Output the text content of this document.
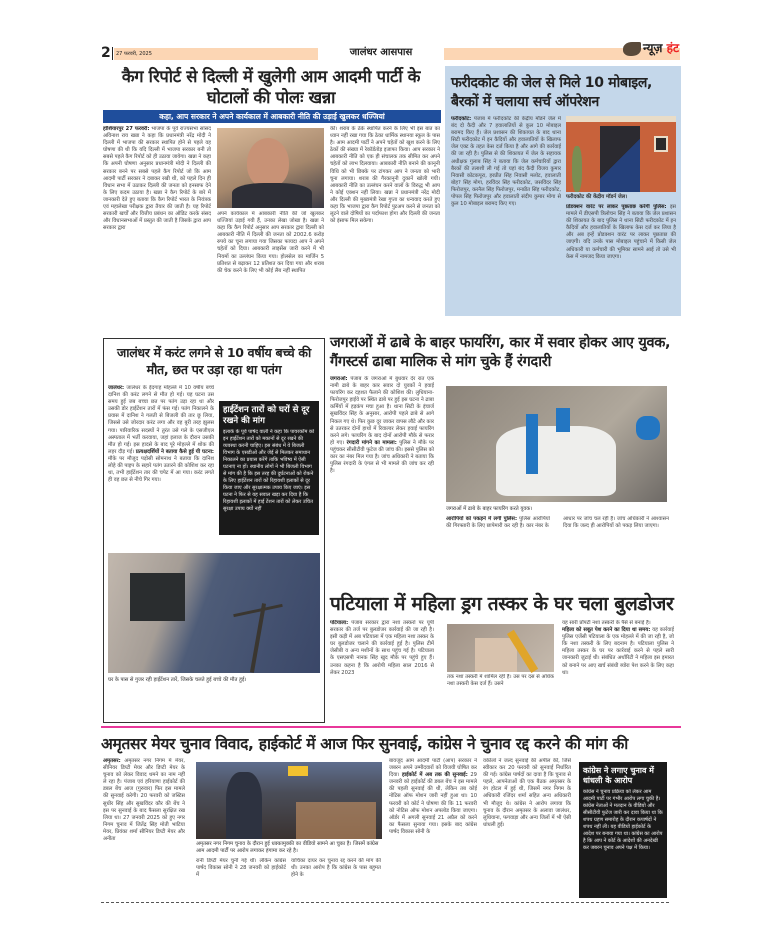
2	27 फरवरी, 2025	जालंधर आसपास	न्यूज़ हंट
कैग रिपोर्ट से दिल्ली में खुलेगी आम आदमी पार्टी के घोटालों की पोलः खन्ना
कहा, आप सरकार ने अपने कार्यकाल में आबकारी नीति की उड़ाई खुलकर धज्जियां
होशियारपुर 27 फरवरी: भाजपा के पूर्व राज्यसभा सांसद अविनाश राय खन्ना ने कहा कि प्रधानमंत्री नरेंद्र मोदी ने दिल्ली में भाजपा की सरकार स्थापित होने से पहले वह घोषणा की थी कि यदि दिल्ली में भाजपा सरकार बनी तो सबसे पहले कैग रिपोर्ट को ही उठाया जायेगा। खन्ना ने कहा कि अपनी घोषणा अनुसार प्रधानमंत्री मोदी ने दिल्ली की सरकार बनने पर सबसे पहले कैग रिपोर्ट जो कि आम आदमी पार्टी सरकार ने दबाकर रखी थी, को पहले दिन ही विधान सभा में उठाकर दिल्ली की जनता को इनसाफ देने के लिए कदम उठाया है। खन्ना ने कैग रिपोर्ट के बारे में जानकारी देते हुए बताया कि कैग रिपोर्ट भारत के नियंत्रक एवं महालेखा परीक्षक द्वारा तैयार की जाती है। यह रिपोर्ट सरकारी खर्चों और वित्तीय प्रबंधन का ऑडिट करके संसद और विधानसभाओं में प्रस्तुत की जाती है जिसके द्वारा आप सरकार द्वारा
अपने कार्यकाल में आबकारी नीति की जो खुलकर धज्जियां उड़ाई गयी हैं, उनका लेखा जोखा है। खन्ना ने कहा कि कैग रिपोर्ट अनुसार आप सरकार द्वारा दिल्ली को आबकारी नीति में दिल्ली की जनता को 2002.6 करोड़ रुपये का चूना लगाया गया जिसका फायदा आप ने अपने चहेतों को दिया। आबकारी लाइसेंस जारी करने में भी नियमों का उल्लंघन किया गया। होलसेल का मार्जिन 5 प्रतिशत से बढ़ाकर 12 प्रतिशत कर दिया गया और शराब की चेक करने के लिए भी कोई लैब नहीं स्थापित
की। शराब के ठेके स्थापित करने के लिए भी इस बात का ध्यान नहीं रखा गया कि ठेका धार्मिक स्थानया स्कूल के पास है। आम आदमी पार्टी ने अपने चहेतों को खुश करने के लिए ठेकों की संख्या में रेकॉर्डतोड़ इजाफा किया। आप सरकार ने आबकारी नीति को एक ही संचालक तक सीमित कर अपने चहेतों को लाभ दिलवाया। आबकारी नीति बनाने की कानूनी विधि को भी छिक्के पर टांगकर आप ने जनता को भारी चूना लगाया। शराब की गैरकानूनी दुकानें खोली गयी। आबकारी नीति का उल्लंघन करने वालों के विरुद्ध भी आप ने कोई एक्शन नहीं लिया। खन्ना ने प्रधानमंत्री नरेंद्र मोदी और दिल्ली की मुख्यमंत्री रेखा गुप्ता का धन्यवाद करते हुए कहा कि भाजपा द्वारा कैग रिपोर्ट पुटअप करने से जनता को लूटने वाले दोषियों का पर्दाफाश होगा और दिल्ली की जनता को इंसाफ मिल सकेगा।
फरीदकोट की जेल से मिले 10 मोबाइल, बैरकों में चलाया सर्च ऑपरेशन
फरीदकोट: पंजाब में फरीदकोट की केंद्रीय मॉडर्न जेल में बंद दो कैदी और 7 हवालातियों से कुल 10 मोबाइल बरामद किए हैं। जेल प्रशासन की शिकायत के बाद थाना सिटी फरीदकोट में इन कैदियों और हवालातियों के खिलाफ जेल एक्ट के तहत केस दर्ज किया है और आगे की कार्रवाई की जा रही है। पुलिस से की शिकायत में जेल के सहायक अधीक्षक गुलाब सिंह ने बताया कि जेल कर्मचारियों द्वारा बैरकों की तलाशी ली गई तो यहां बंद कैदी विजय कुमार निवासी कोटकपूरा, हरप्रीत सिंह निवासी मलोट, हवालाती बोह? सिंह मोगा, हरविंदर सिंह फरीदकोट, जसविंदर सिंह फिरोजपुर, करनैल सिंह फिरोजपुर, मनप्रीत सिंह फरीदकोट, पोपल सिंह फिरोजपुर और हवालाती संदीप कुमार मोगा से कुल 10 मोबाइल बरामद किए गए।
फरीदकोट की केंद्रीय मॉडर्न जेल।
प्रोडक्शन वारंट पर लाकर पूछताछ करेगी पुलिस: इस मामले में डीएसपी त्रिलोचन सिंह ने बताया कि जेल प्रशासन की शिकायत के बाद पुलिस ने थाना सिटी फरीदकोट में इन कैदियों और हवालातियों के खिलाफ केस दर्ज कर लिया है और अब इन्हें प्रोडक्शन वारंट पर लाकर पूछताछ की जाएगी। यदि उनके पास मोबाइल पहुंचाने में किसी जेल अधिकारी या कर्मचारी की भूमिका सामने आई तो उसे भी केस में नामजद किया जाएगा।
जालंधर में करंट लगने से 10 वर्षीय बच्चे की मौत, छत पर उड़ा रहा था पतंग
जालंधर: जालंधर के ईदगाह मोहल्ले में 10 वर्षीय बच्चे दानिश की करंट लगने से मौत हो गई। यह घटना उस समय हुई जब बच्चा छत पर पतंग उड़ा रहा था और उसकी डोर हाईटेंशन तारों में फंस गई। पतंग निकालने के प्रयास में दानिश ने गलती से बिजली की तार छू लिया, जिससे उसे जोरदार करंट लगा और वह बुरी तरह झुलस गया। पारिवारिक सदस्यों ने तुरंत उसे गले के एसजीएल अस्पताल में भर्ती करवाया, जहां इलाज के दौरान उसकी मौत हो गई। इस हादसे के बाद पूरे मोहल्ले में शोक की लहर दौड़ गई। प्रत्यक्षदर्शियों ने बताया कैसे हुई यी घटना: मौके पर मौजूद पड़ोसी सोमनाथ ने बताया कि दानिश लोहे की पाइप के सहारे पतंग उतारने की कोशिश कर रहा था, तभी हाईटेंशन तार की चपेट में आ गया। करंट लगते ही वह छत से नीचे गिर गया।
हाईटेंशन तारों को घरों से दूर रखने की मांग
इलाके के पूर्व पार्षद वाली ने कहा कि पावरकॉम को इन हाईटेंशन तारों को मकानों से दूर रखने की व्यवस्था करनी चाहिए। इस संबंध में वे बिजली विभाग के एसडीओ और जेई से मिलकर समाधान निकालने का प्रयास करेंगे ताकि भविष्य में ऐसी घटनाएं ना हों। स्थानीय लोगों ने भी बिजली विभाग से मांग की है कि इस तरह की दुर्घटनाओं को रोकने के लिए हाईटेंशन तारों को रिहायशी इलाकों से दूर किया जाए और सुरक्षात्मक उपाय किए जाएं। इस घटना ने फिर से यह सवाल खड़ा कर दिया है कि रिहायशी इलाकों में हाई टेंशन तारों को लेकर उचित सुरक्षा उपाय क्यों नहीं
घर के पास से गुजर रही हाईटेंशन तारें, जिसके चलते हुई बच्चे की मौत हुई।
जगराओं में ढाबे के बाहर फायरिंग, कार में सवार होकर आए युवक, गैंगस्टर्स ढाबा मालिक से मांग चुके हैं रंगदारी
जगराओं: पंजाब के जगराओं में बुधवार देर रात एक नामी ढाबे के बाहर कार सवार दो युवकों ने हवाई फायरिंग कर दहशत फैलाने की कोशिश की। लुधियाना-फिरोजपुर हाईवे पर स्थित ढाबे पर हुई इस घटना ने ढाबा कर्मियों में हड़कंप मचा हुआ है। थाना सिटी के इंचार्ज सुखविंदर सिंह के अनुसार, आरोपी पहले ढाबे से आगे निकल गए थे। फिर कुछ दूर जाकर वापस लौटे और कार से उतरकर दोनों हाथों में रिवाल्वर लेकर हवाई फायरिंग करने लगे। फायरिंग के बाद दोनों आरोपी मौके से फरार हो गए। रंगदारी मांगने का मामला: पुलिस ने मौके पर पहुंचकर सीसीटीवी फुटेज की जांच की। इससे पुलिस को कार का नंबर मिल गया है। जांच अधिकारी ने बताया कि पुलिस रंगदारी के एंगल से भी मामले की जांच कर रही है।
जगराओं में ढाबे के बाहर फायरिंग करते युवक।
आरोपियों को पकड़ने में लगी पुलिस: पुलिस आरोपियों की गिरफ्तारी के लिए छापेमारी कर रही है। कार नंबर के
आधार पर जांच चल रही है। जांच अधिकारी ने आश्वासन दिया कि जल्द ही आरोपियों को पकड़ लिया जाएगा।
पटियाला में महिला ड्रग तस्कर के घर चला बुलडोजर
पटियाला: पंजाब सरकार द्वारा नशा तस्करों पर यूपी सरकार की तर्ज पर बुलडोजर कार्रवाई की जा रही है। इसी कड़ी में अब पटियाला में एक महिला नशा तस्कर के घर बुलडोजर चलाने की कार्रवाई हुई है। पुलिस टीमें जेसीबी व अन्य मशीनों के साथ पहुंच गई है। पटियाला के एसएसपी नानक सिंह खुद मौके पर पहुंचे हुए हैं। उनका कहना है कि आरोपी महिला साल 2016 से लेकर 2023
तक नशा तस्करी में शामिल रही है। उस पर दस से अधिक नशा तस्करी केस दर्ज हैं। उसने
यह सारी प्रॉपर्टी नशा तस्करी के पैसे से बनाई है।
महिला को सबूत पेश करने का दिया था समय: यह कार्रवाई पुलिस एजेंसी पटियाला के एक मोहल्ले में की जा रही है, जो कि नशा तस्करी के लिए बदनाम है। पटियाला पुलिस ने महिला तस्कर के घर पर कार्रवाई करने से पहले सारी जानकारी जुटाई थी। संबंधित अथॉरिटी ने महिला इस इमारत को बनाने पर आए खर्च संबंधी ब्योरा पेश करने के लिए कहा था।
अमृतसर मेयर चुनाव विवाद, हाईकोर्ट में आज फिर सुनवाई, कांग्रेस ने चुनाव रद्द करने की मांग की
अमृतसर: अमृतसर नगर निगम में मेयर, सीनियर डिप्टी मेयर और डिप्टी मेयर के चुनाव को लेकर विवाद थमने का नाम नहीं ले रहा है। पंजाब एवं हरियाणा हाईकोर्ट की डबल बेंच आज (गुरुवार) फिर इस मामले की सुनवाई करेगी। 20 फरवरी को जस्टिस सुधीर सिंह और सुखविंदर कौर की बेंच ने इस पर सुनवाई के बाद फैसला सुरक्षित रख लिया था। 27 जनवरी 2025 को हुए नगर निगम चुनाव में जितेंद्र सिंह मोती भाटिया मेयर, प्रियंका शर्मा सीनियर डिप्टी मेयर और अनीता
अमृतसर नगर निगम चुनाव के दौरान हुई धक्कामुक्की का वीडियो सामने आ चुका है। जिसमें कांग्रेस आम आदमी पार्टी पर आरोप लगाकर हंगामा कर रहे है।
रानी डिप्टी मेयर चुनी गई थीं। लेकिन कांग्रेस पार्षद विकास सोनी ने 28 जनवरी को हाईकोर्ट में
याचिका दायर कर चुनाव रद्द करने की मांग की थी। उनका आरोप है कि कांग्रेस के पास बहुमत होने के
बावजूद आम आदमी पार्टी (आप) सरकार ने जबरन अपने उम्मीदवारों को विजयी घोषित कर दिया। हाईकोर्ट में अब तक की सुनवाई: 29 जनवरी को हाईकोर्ट की डबल बेंच ने इस मामले की पहली सुनवाई की थी, लेकिन तब कोई नोटिस ऑफ मोशन जारी नहीं हुआ था। 10 फरवरी को कोर्ट ने घोषणा की कि 11 फरवरी को नोटिस ऑफ मोशन अपलोड किया जाएगा। ऑर्डर में अगली सुनवाई 21 अप्रैल को करने का फैसला सुनाया गया। इसके बाद कांग्रेस पार्षद विकास सोनी के
वकीलों ने जल्द सुनवाई की अपील की, जिसे स्वीकार कर 20 फरवरी को सुनवाई निर्धारित की गई। कांग्रेस पार्षदों का दावा है कि चुनाव से पहले, आपनेताओं की एक बैठक अमृतसर के रंग होटल में हुई थी, जिसमें नगर निगम के अधिकारी रजिंदर शर्मा सहित अन्य अधिकारी भी मौजूद थे। कांग्रेस ने आरोप लगाया कि चुनाव के दौरान अमृतसर के अलावा जालंधर, लुधियाना, फगवाड़ा और अन्य जिलों में भी ऐसी धांधली हुई।
कांग्रेस ने लगाए चुनाव में धांधली के आरोप
कांग्रेस ने चुनाव प्रक्रिया को लेकर आम आदमी पार्टी पर गंभीर आरोप लगा चुकी है। कांग्रेस नेताओं ने मतदान के वीडियो और सीसीटीवी फुटेज जारी कर दावा किया था कि शपथ ग्रहण समारोह के दौरान कपार्षदों ने शपथ नहीं ली। यह वीडियो हाईकोर्ट के आदेश पर बनाया गया था। कांग्रेस का आरोप है कि आप ने कोर्ट के आदेशों की अनदेखी कर जबरन चुनाव अपने पक्ष में किया।
